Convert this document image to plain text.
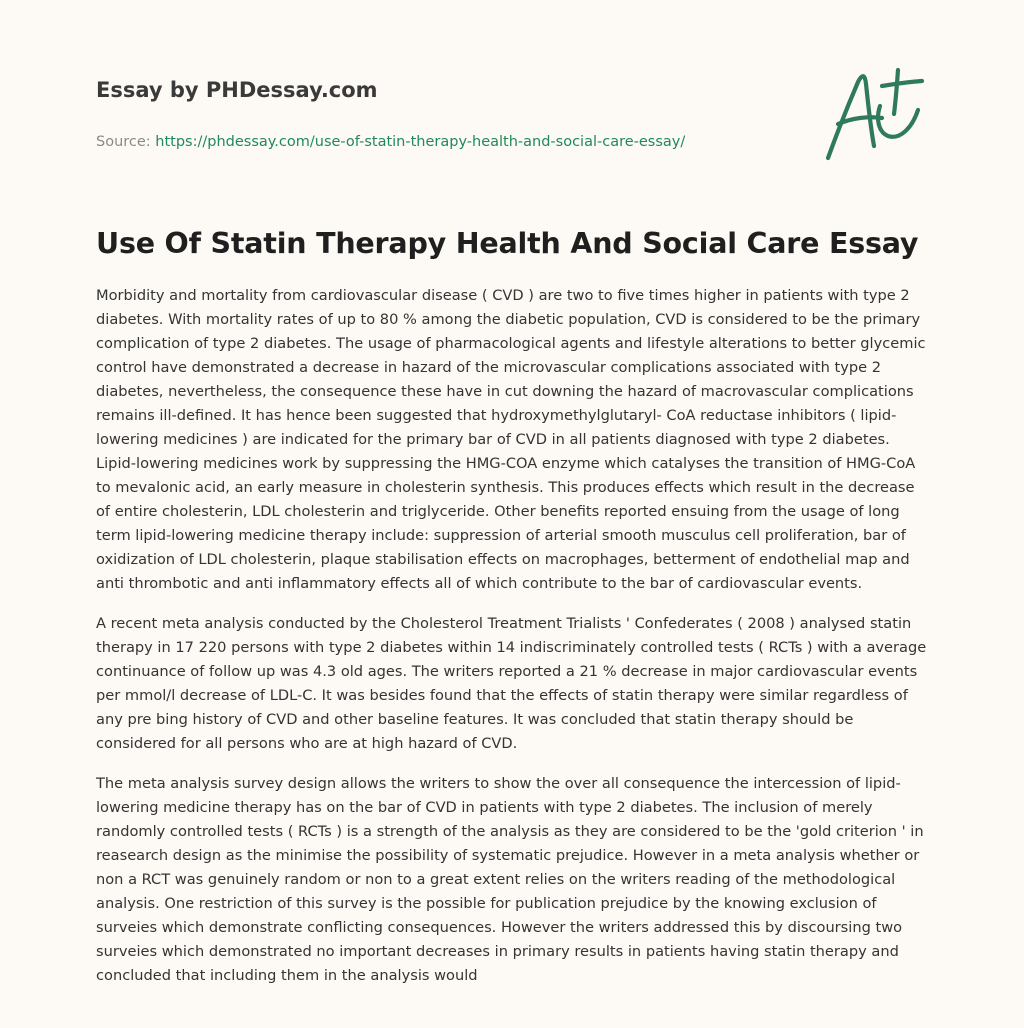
Essay by PHDessay.com
Source: https://phdessay.com/use-of-statin-therapy-health-and-social-care-essay/
Use Of Statin Therapy Health And Social Care Essay

Morbidity and mortality from cardiovascular disease ( CVD ) are two to five times higher in patients with type 2 diabetes. With mortality rates of up to 80 % among the diabetic population, CVD is considered to be the primary complication of type 2 diabetes. The usage of pharmacological agents and lifestyle alterations to better glycemic control have demonstrated a decrease in hazard of the microvascular complications associated with type 2 diabetes, nevertheless, the consequence these have in cut downing the hazard of macrovascular complications remains ill-defined. It has hence been suggested that hydroxymethylglutaryl- CoA reductase inhibitors ( lipid-lowering medicines ) are indicated for the primary bar of CVD in all patients diagnosed with type 2 diabetes. Lipid-lowering medicines work by suppressing the HMG-COA enzyme which catalyses the transition of HMG-CoA to mevalonic acid, an early measure in cholesterin synthesis. This produces effects which result in the decrease of entire cholesterin, LDL cholesterin and triglyceride. Other benefits reported ensuing from the usage of long term lipid-lowering medicine therapy include: suppression of arterial smooth musculus cell proliferation, bar of oxidization of LDL cholesterin, plaque stabilisation effects on macrophages, betterment of endothelial map and anti thrombotic and anti inflammatory effects all of which contribute to the bar of cardiovascular events.

A recent meta analysis conducted by the Cholesterol Treatment Trialists ' Confederates ( 2008 ) analysed statin therapy in 17 220 persons with type 2 diabetes within 14 indiscriminately controlled tests ( RCTs ) with a average continuance of follow up was 4.3 old ages. The writers reported a 21 % decrease in major cardiovascular events per mmol/l decrease of LDL-C. It was besides found that the effects of statin therapy were similar regardless of any pre bing history of CVD and other baseline features. It was concluded that statin therapy should be considered for all persons who are at high hazard of CVD.

The meta analysis survey design allows the writers to show the over all consequence the intercession of lipid-lowering medicine therapy has on the bar of CVD in patients with type 2 diabetes. The inclusion of merely randomly controlled tests ( RCTs ) is a strength of the analysis as they are considered to be the 'gold criterion ' in reasearch design as the minimise the possibility of systematic prejudice. However in a meta analysis whether or non a RCT was genuinely random or non to a great extent relies on the writers reading of the methodological analysis. One restriction of this survey is the possible for publication prejudice by the knowing exclusion of surveies which demonstrate conflicting consequences. However the writers addressed this by discoursing two surveies which demonstrated no important decreases in primary results in patients having statin therapy and concluded that including them in the analysis would
